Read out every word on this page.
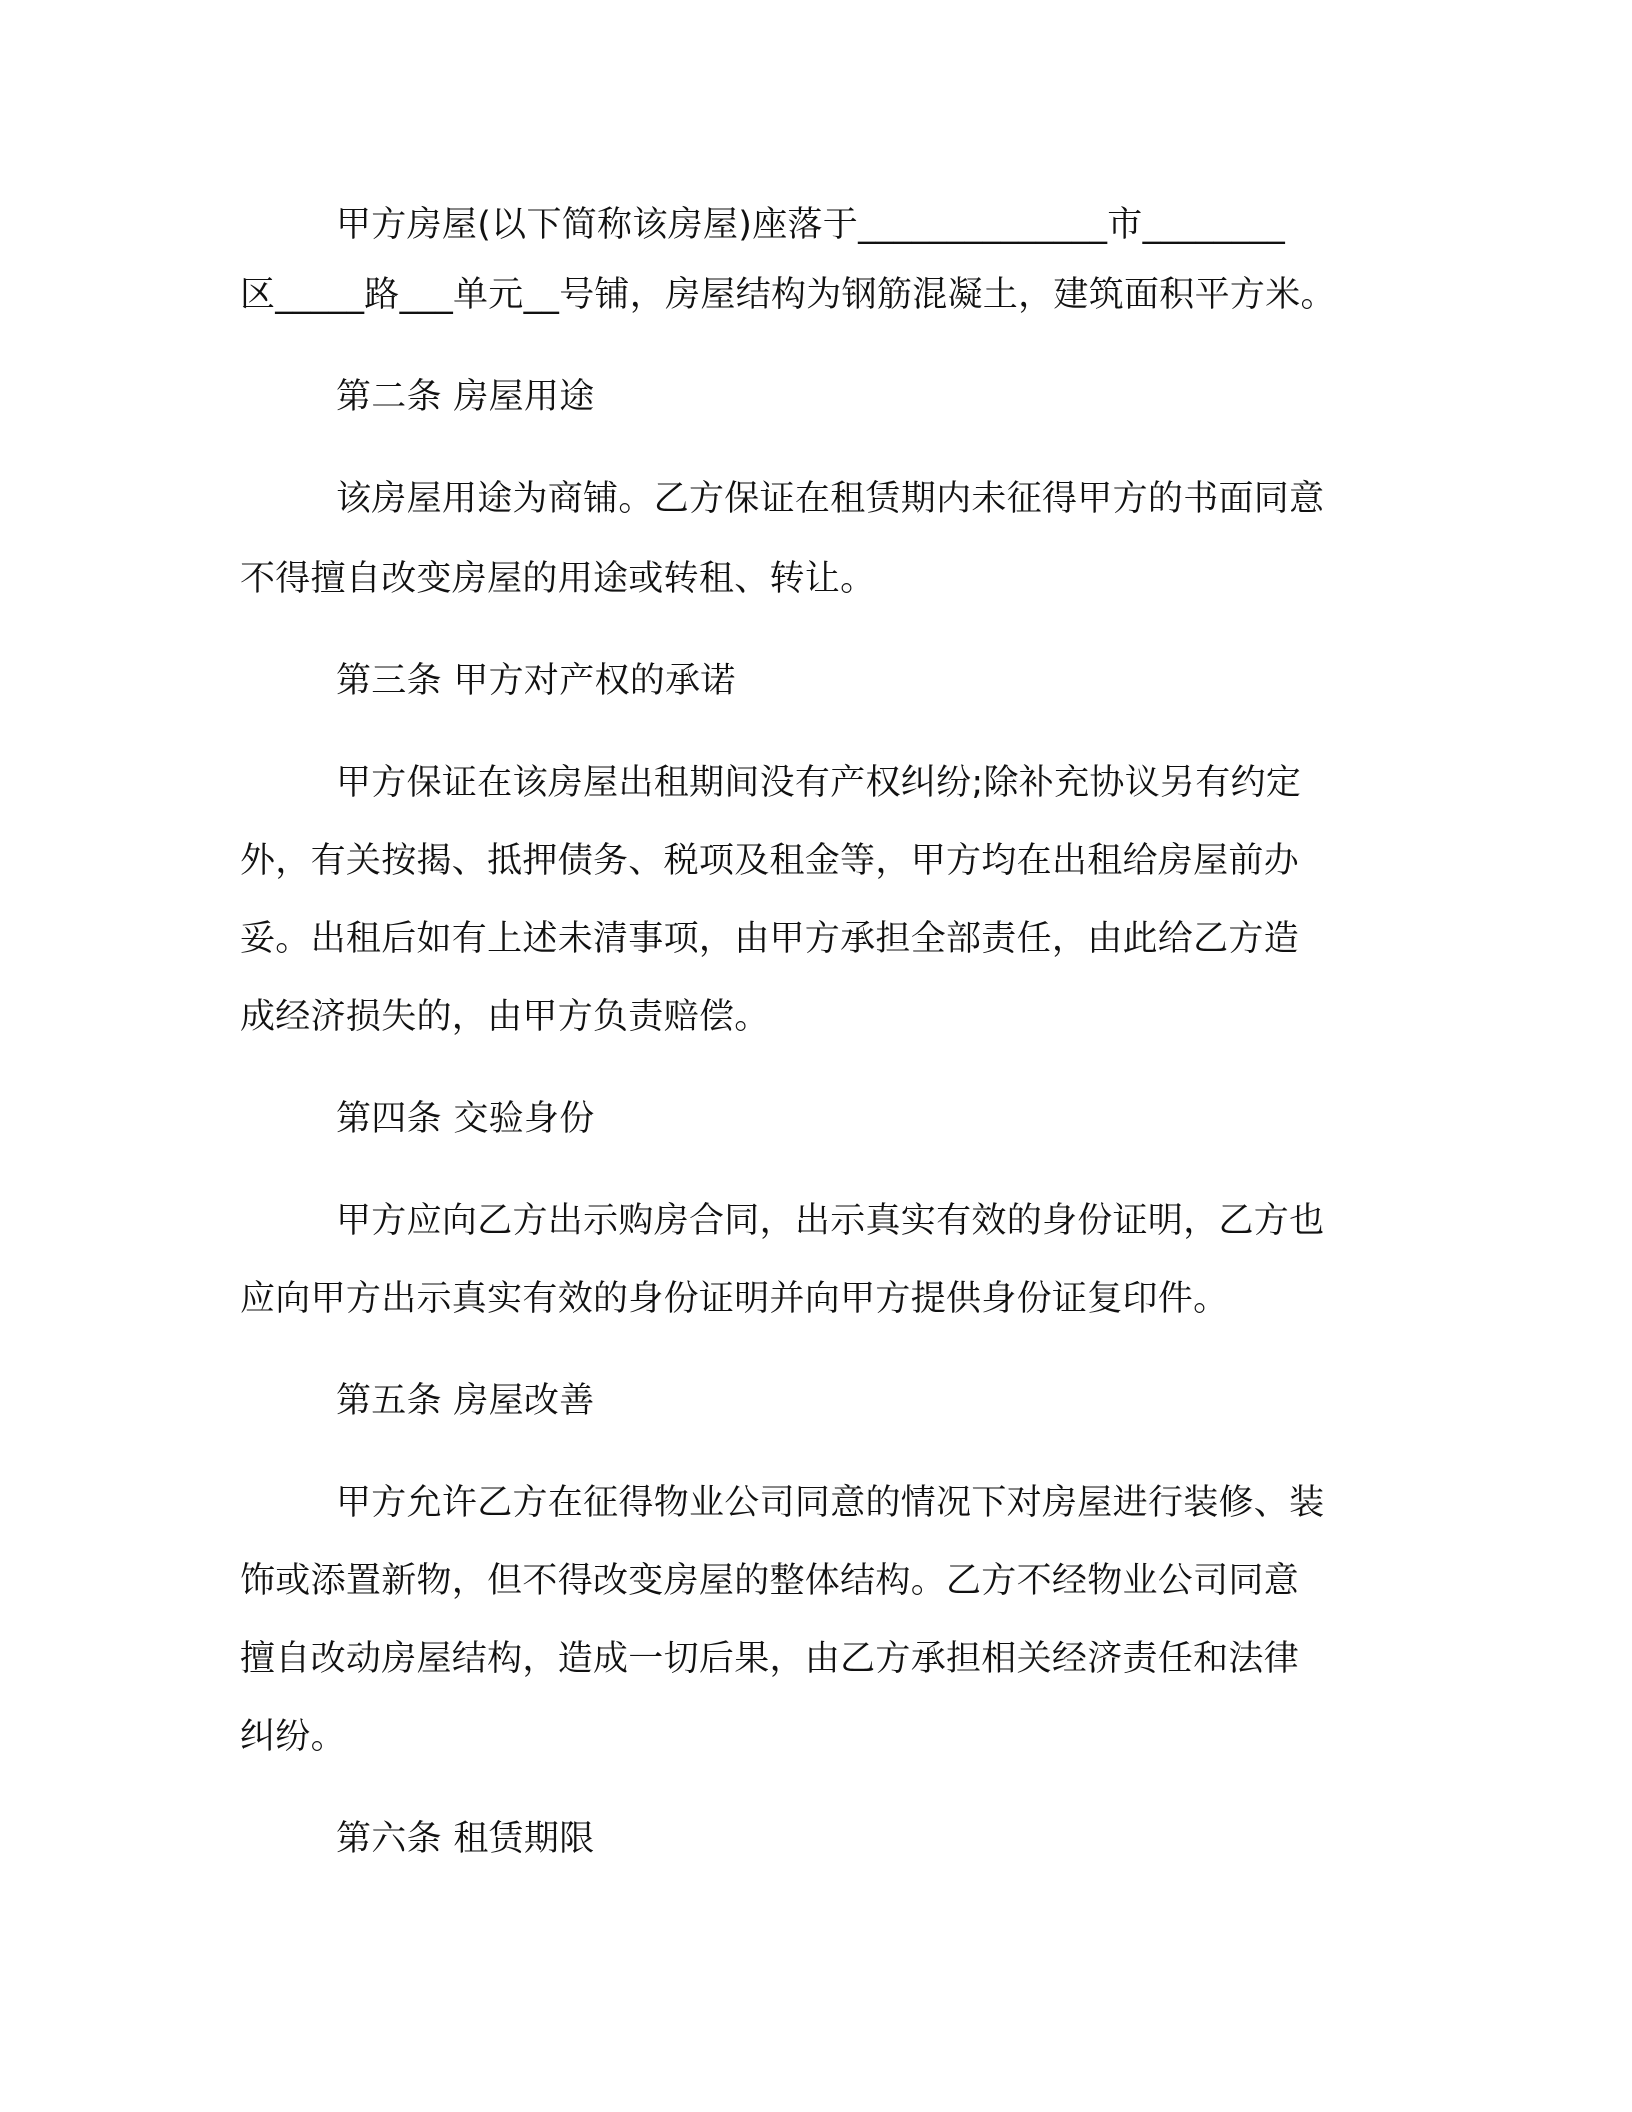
甲方房屋(以下简称该房屋)座落于______________市________
区_____路___单元__号铺，房屋结构为钢筋混凝土，建筑面积平方米。
第二条 房屋用途
该房屋用途为商铺。乙方保证在租赁期内未征得甲方的书面同意
不得擅自改变房屋的用途或转租、转让。
第三条 甲方对产权的承诺
甲方保证在该房屋出租期间没有产权纠纷;除补充协议另有约定
外，有关按揭、抵押债务、税项及租金等，甲方均在出租给房屋前办
妥。出租后如有上述未清事项，由甲方承担全部责任，由此给乙方造
成经济损失的，由甲方负责赔偿。
第四条 交验身份
甲方应向乙方出示购房合同，出示真实有效的身份证明，乙方也
应向甲方出示真实有效的身份证明并向甲方提供身份证复印件。
第五条 房屋改善
甲方允许乙方在征得物业公司同意的情况下对房屋进行装修、装
饰或添置新物，但不得改变房屋的整体结构。乙方不经物业公司同意
擅自改动房屋结构，造成一切后果，由乙方承担相关经济责任和法律
纠纷。
第六条 租赁期限
